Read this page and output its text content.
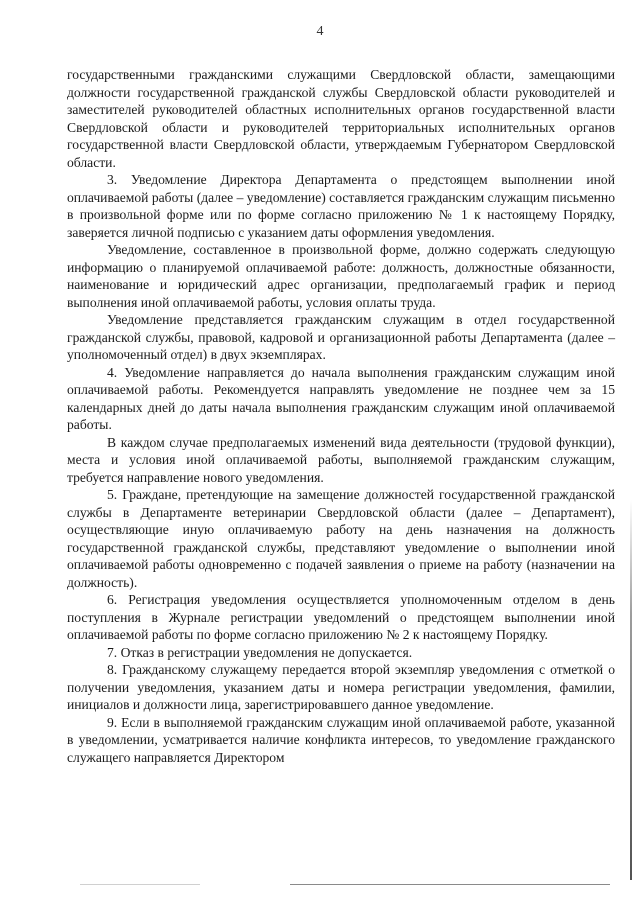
4

государственными гражданскими служащими Свердловской области, замещающими должности государственной гражданской службы Свердловской области руководителей и заместителей руководителей областных исполнительных органов государственной власти Свердловской области и руководителей территориальных исполнительных органов государственной власти Свердловской области, утверждаемым Губернатором Свердловской области.

3. Уведомление Директора Департамента о предстоящем выполнении иной оплачиваемой работы (далее – уведомление) составляется гражданским служащим письменно в произвольной форме или по форме согласно приложению № 1 к настоящему Порядку, заверяется личной подписью с указанием даты оформления уведомления.

Уведомление, составленное в произвольной форме, должно содержать следующую информацию о планируемой оплачиваемой работе: должность, должностные обязанности, наименование и юридический адрес организации, предполагаемый график и период выполнения иной оплачиваемой работы, условия оплаты труда.

Уведомление представляется гражданским служащим в отдел государственной гражданской службы, правовой, кадровой и организационной работы Департамента (далее – уполномоченный отдел) в двух экземплярах.

4. Уведомление направляется до начала выполнения гражданским служащим иной оплачиваемой работы. Рекомендуется направлять уведомление не позднее чем за 15 календарных дней до даты начала выполнения гражданским служащим иной оплачиваемой работы.

В каждом случае предполагаемых изменений вида деятельности (трудовой функции), места и условия иной оплачиваемой работы, выполняемой гражданским служащим, требуется направление нового уведомления.

5. Граждане, претендующие на замещение должностей государственной гражданской службы в Департаменте ветеринарии Свердловской области (далее – Департамент), осуществляющие иную оплачиваемую работу на день назначения на должность государственной гражданской службы, представляют уведомление о выполнении иной оплачиваемой работы одновременно с подачей заявления о приеме на работу (назначении на должность).

6. Регистрация уведомления осуществляется уполномоченным отделом в день поступления в Журнале регистрации уведомлений о предстоящем выполнении иной оплачиваемой работы по форме согласно приложению № 2 к настоящему Порядку.

7. Отказ в регистрации уведомления не допускается.

8. Гражданскому служащему передается второй экземпляр уведомления с отметкой о получении уведомления, указанием даты и номера регистрации уведомления, фамилии, инициалов и должности лица, зарегистрировавшего данное уведомление.

9. Если в выполняемой гражданским служащим иной оплачиваемой работе, указанной в уведомлении, усматривается наличие конфликта интересов, то уведомление гражданского служащего направляется Директором
